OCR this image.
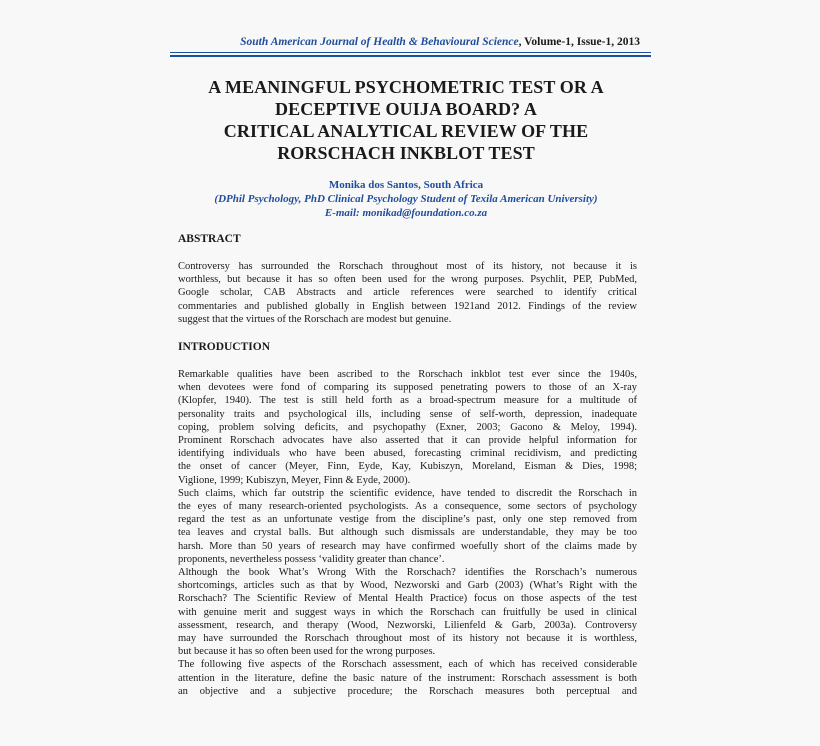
South American Journal of Health & Behavioural Science, Volume-1, Issue-1, 2013
A MEANINGFUL PSYCHOMETRIC TEST OR A
DECEPTIVE OUIJA BOARD? A
CRITICAL ANALYTICAL REVIEW OF THE
RORSCHACH INKBLOT TEST
Monika dos Santos, South Africa
(DPhil Psychology, PhD Clinical Psychology Student of Texila American University)
E-mail: monikad@foundation.co.za
ABSTRACT
Controversy has surrounded the Rorschach throughout most of its history, not because it is
worthless, but because it has so often been used for the wrong purposes. Psychlit, PEP, PubMed,
Google scholar, CAB Abstracts and article references were searched to identify critical
commentaries and published globally in English between 1921and 2012. Findings of the review
suggest that the virtues of the Rorschach are modest but genuine.
INTRODUCTION
Remarkable qualities have been ascribed to the Rorschach inkblot test ever since the 1940s,
when devotees were fond of comparing its supposed penetrating powers to those of an X-ray
(Klopfer, 1940). The test is still held forth as a broad-spectrum measure for a multitude of
personality traits and psychological ills, including sense of self-worth, depression, inadequate
coping, problem solving deficits, and psychopathy (Exner, 2003; Gacono & Meloy, 1994).
Prominent Rorschach advocates have also asserted that it can provide helpful information for
identifying individuals who have been abused, forecasting criminal recidivism, and predicting
the onset of cancer (Meyer, Finn, Eyde, Kay, Kubiszyn, Moreland, Eisman & Dies, 1998;
Viglione, 1999; Kubiszyn, Meyer, Finn & Eyde, 2000).
Such claims, which far outstrip the scientific evidence, have tended to discredit the Rorschach in
the eyes of many research-oriented psychologists. As a consequence, some sectors of psychology
regard the test as an unfortunate vestige from the discipline’s past, only one step removed from
tea leaves and crystal balls. But although such dismissals are understandable, they may be too
harsh. More than 50 years of research may have confirmed woefully short of the claims made by
proponents, nevertheless possess ‘validity greater than chance’.
Although the book What’s Wrong With the Rorschach? identifies the Rorschach’s numerous
shortcomings, articles such as that by Wood, Nezworski and Garb (2003) (What’s Right with the
Rorschach? The Scientific Review of Mental Health Practice) focus on those aspects of the test
with genuine merit and suggest ways in which the Rorschach can fruitfully be used in clinical
assessment, research, and therapy (Wood, Nezworski, Lilienfeld & Garb, 2003a). Controversy
may have surrounded the Rorschach throughout most of its history not because it is worthless,
but because it has so often been used for the wrong purposes.
The following five aspects of the Rorschach assessment, each of which has received considerable
attention in the literature, define the basic nature of the instrument: Rorschach assessment is both
an objective and a subjective procedure; the Rorschach measures both perceptual and
